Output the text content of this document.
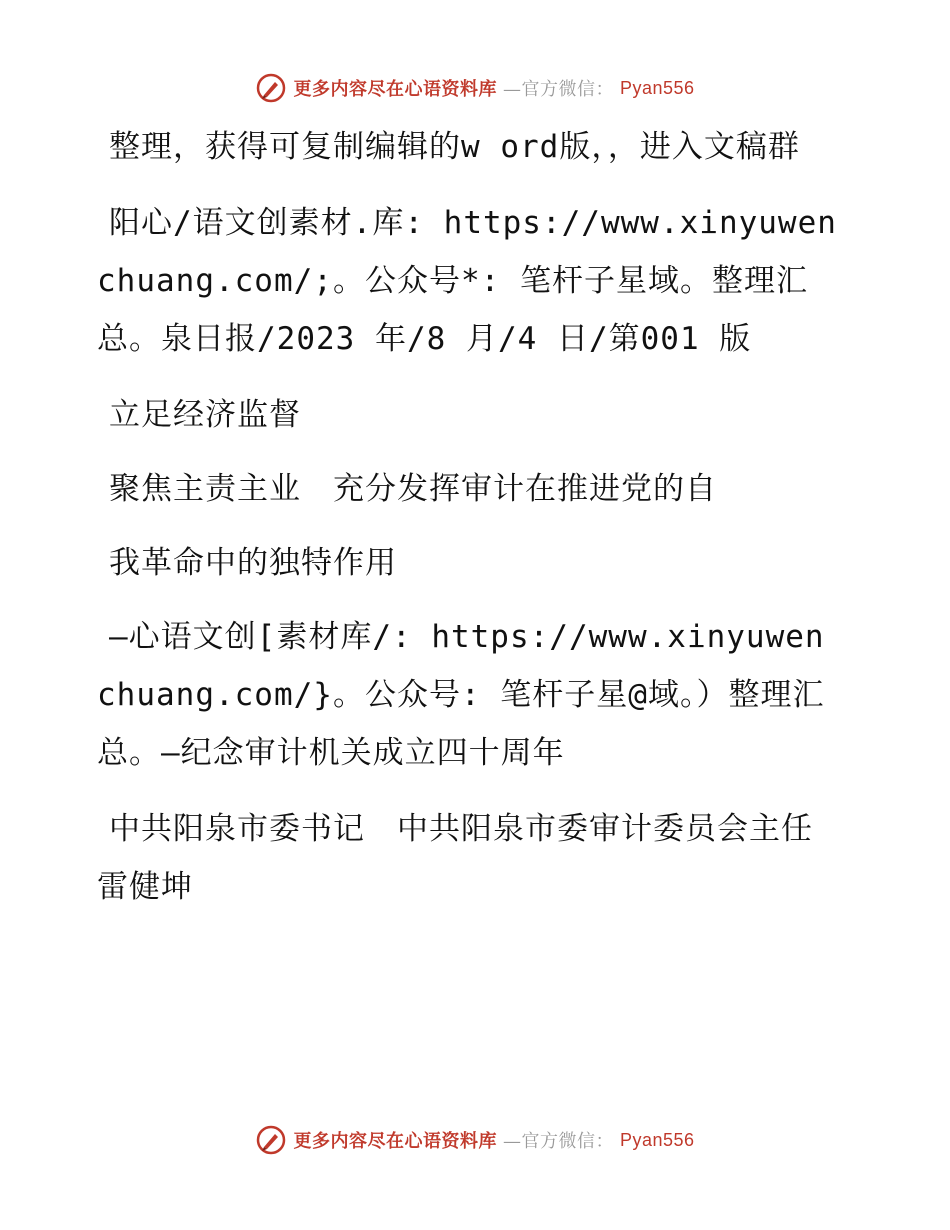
更多内容尽在心语资料库 —官方微信： Pyan556

整理，获得可复制编辑的w ord版，，进入文稿群

阳心/语文创素材.库: https://www.xinyuwenchuang.com/;。公众号*: 笔杆子星域。整理汇总。泉日报/2023 年/8 月/4 日/第001 版

立足经济监督

聚焦主责主业　充分发挥审计在推进党的自

我革命中的独特作用

—心语文创[素材库/: https://www.xinyuwenchuang.com/}。公众号: 笔杆子星@域。）整理汇总。—纪念审计机关成立四十周年

中共阳泉市委书记　中共阳泉市委审计委员会主任　雷健坤

更多内容尽在心语资料库 —官方微信： Pyan556
